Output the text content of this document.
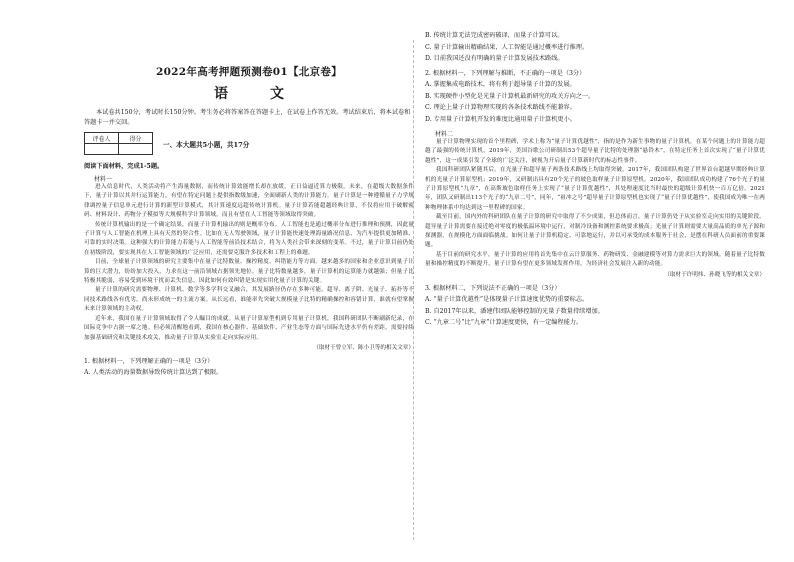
2022年高考押题预测卷01【北京卷】
语　文
本试卷共150分，考试时长150分钟。考生务必将答案答在答题卡上，在试卷上作答无效。考试结束后，将本试卷和答题卡一并交回。
评卷人	得分

一、本大题共5小题，共17分
阅读下面材料，完成1-5题。
材料一

进入信息时代，人类活动将产生海量数据，而传统计算效能增长却在放缓，正日益逼近算力极限。未来，在超级大数据条件下，量子计算以其并行运算能力，有望在特定问题上提供指数级加速，全面刷新人类的计算能力。量子计算是一种遵循量子力学规律调控量子信息单元进行计算的新型计算模式，其计算速度远超传统计算机。量子计算若能超越经典计算，不仅将应用于破解密码、材料设计、药物分子模拟等大规模科学计算领域，而且有望在人工智能等领域取得突破。

传统计算机输出的是一个确定结果，而量子计算机输出的则是概率分布。人工智能也是通过概率分布进行推理和预测，因此量子计算与人工智能在机理上具有天然的契合性。比如在无人驾驶领域，量子计算能快速处理海量路况信息，为汽车提供更加精准、可靠的实时决策。这种强大的计算能力若能与人工智能等前沿技术结合，将为人类社会带来深刻的变革。不过，量子计算目前仍处在初级阶段，要实现其在人工智能领域的广泛应用，还需要克服许多技术和工程上的难题。

目前，全球量子计算领域的研究主要集中在量子比特数量、操控精度、纠错能力等方面。越来越多的国家和企业意识到量子计算的巨大潜力，纷纷加大投入，力求在这一前沿领域占据领先地位。量子比特数量越多，量子计算机的运算能力就越强；但量子比特极其脆弱，容易受到环境干扰而丢失信息，因此如何有效纠错是实现实用化量子计算的关键。

量子计算的研究需要物理、计算机、数学等多学科交叉融合，其发展路径仍存在多种可能。超导、离子阱、光量子、拓扑等不同技术路线各有优劣，尚未形成统一的主流方案。从长远看，谁能率先突破大规模量子比特的精确操控和容错计算，谁就有望掌握未来计算领域的主动权。

近年来，我国在量子计算领域取得了令人瞩目的成就。从量子计算原型机到专用量子计算机，我国科研团队不断刷新纪录，在国际竞争中占据一席之地。但必须清醒地看到，我国在核心器件、基础软件、产业生态等方面与国际先进水平仍有差距，需要持续加强基础研究和关键技术攻关，推动量子计算从实验室走向实际应用。

（取材于曾立军、陈小卫等的相关文章）
1. 根据材料一，下列理解正确的一项是（3分）
A. 人类活动的海量数据导致传统计算达到了极限。
B. 传统计算无法完成密码破译，而量子计算可以。
C. 量子计算输出精确结果，人工智能是通过概率进行推理。
D. 目前我国还没有明确的量子计算发展技术路线。
2. 根据材料一，下列理解与推断，不正确的一项是（3分）
A. 掌握集成电路技术，将有利于超导量子计算的发展。
B. 实现硬件小型化是光量子计算机最新研究的攻关方向之一。
C. 理论上量子计算物理实现的各条技术路线不能兼容。
D. 专用量子计算机开发的难度比通用量子计算机更小。
材料二

量子计算物理实现的首个里程碑，学术上称为“量子计算优越性”，指的是作为新生事物的量子计算机，在某个问题上的计算能力超越了最强的传统计算机。2019年，美国谷歌公司研制出53个超导量子比特的处理器“悬铃木”，在特定任务上首次实现了“量子计算优越性”，这一成果引发了全球的广泛关注，被视为开启量子计算新时代的标志性事件。

我国科研团队紧随其后，在光量子和超导量子两条技术路线上均取得突破。2017年，我国团队构建了世界首台超越早期经典计算机的光量子计算原型机；2019年，又研制出具有20个光子的玻色取样量子计算原型机。2020年，我国团队成功构建了76个光子的量子计算原型机“九章”，在高斯玻色取样任务上实现了“量子计算优越性”，其处理速度比当时最快的超级计算机快一百万亿倍。2021年，团队又研制出113个光子的“九章二号”，同年，“祖冲之号”超导量子计算原型机也实现了“量子计算优越性”，使我国成为唯一在两种物理体系中均达到这一里程碑的国家。

截至目前，国内外的科研团队在量子计算的研究中取得了不少成果，但总体而言，量子计算仍处于从实验室走向实用的关键阶段。超导量子计算需要在接近绝对零度的极低温环境中运行，对制冷设备和测控系统要求极高；光量子计算则需要大量高品质的单光子源和探测器，在规模化方面面临挑战。如何让量子计算机稳定、可靠地运行，并以可承受的成本服务于社会，是摆在科研人员面前的重要课题。

基于目前的研究水平，量子计算的应用将首先集中在云计算服务、药物研发、金融建模等对算力需求巨大的领域。随着量子比特数量和操控精度的不断提升，量子计算有望在更多领域发挥作用，为经济社会发展注入新的动能。

（取材于许明炜、孙晓飞等的相关文章）
3. 根据材料二，下列说法不正确的一项是（3分）
A. “量子计算优越性”是体现量子计算速度优势的重要标志。
B. 自2017年以来，潘建伟团队能够控制的光量子数量持续增加。
C. “九章二号”比“九章”计算速度更快，有一定编程能力。
